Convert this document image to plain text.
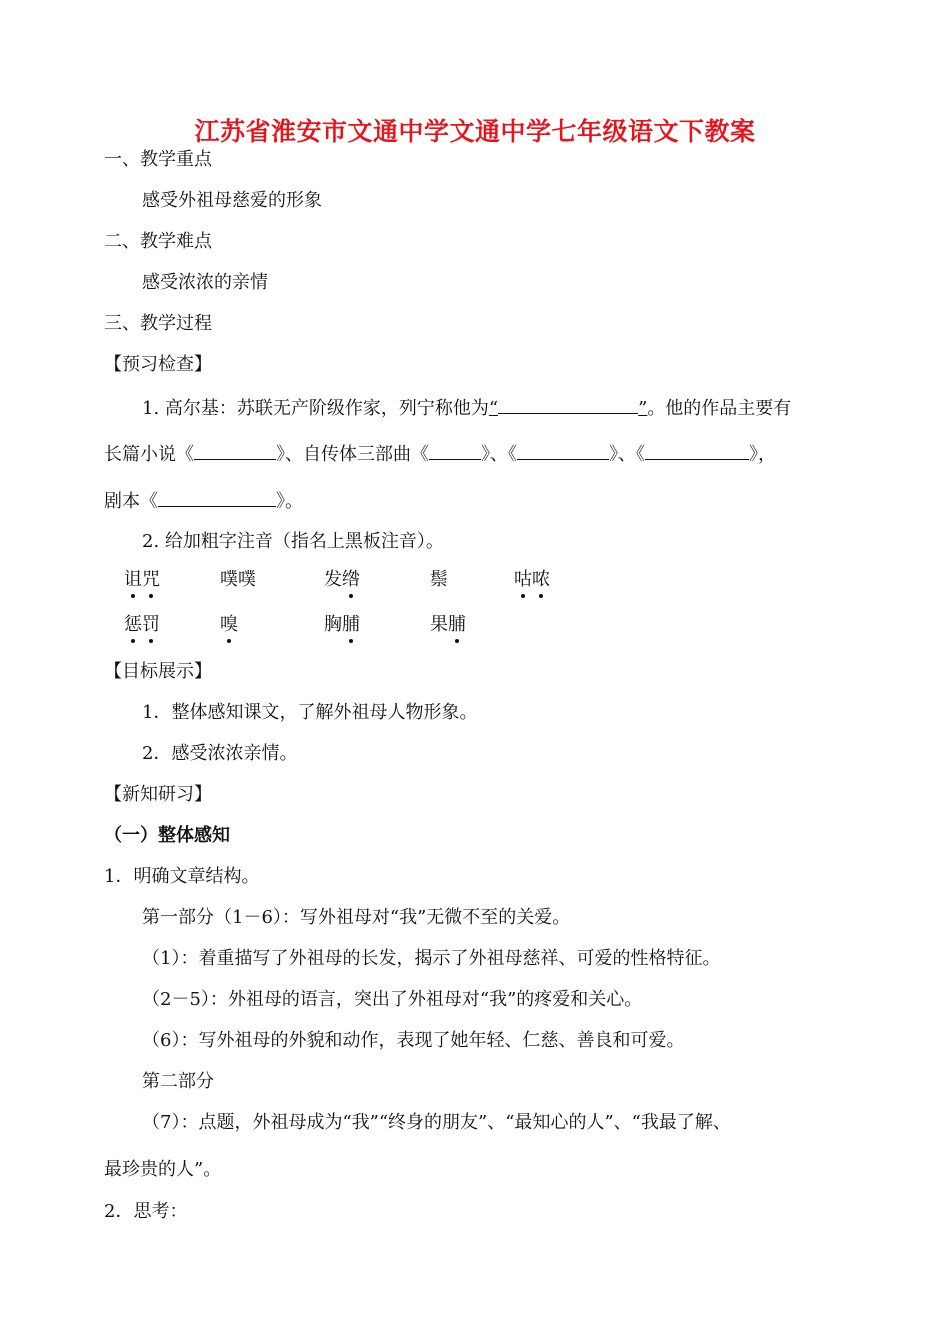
江苏省淮安市文通中学文通中学七年级语文下教案
一、教学重点
感受外祖母慈爱的形象
二、教学难点
感受浓浓的亲情
三、教学过程
【预习检查】
1. 高尔基：苏联无产阶级作家，列宁称他为“	”。他的作品主要有
长篇小说《	》、自传体三部曲《	》、《	》、《	》，
剧本《	》。
2. 给加粗字注音（指名上黑板注音）。
诅咒	噗噗	发绺	鬃	咕哝
惩罚	嗅	胸脯	果脯
【目标展示】
1．整体感知课文，了解外祖母人物形象。
2．感受浓浓亲情。
【新知研习】
（一）整体感知
1．明确文章结构。
第一部分（1－6）：写外祖母对“我”无微不至的关爱。
（1）：着重描写了外祖母的长发，揭示了外祖母慈祥、可爱的性格特征。
（2－5）：外祖母的语言，突出了外祖母对“我”的疼爱和关心。
（6）：写外祖母的外貌和动作，表现了她年轻、仁慈、善良和可爱。
第二部分
（7）：点题，外祖母成为“我”“终身的朋友”、“最知心的人”、“我最了解、
最珍贵的人”。
2．思考：
